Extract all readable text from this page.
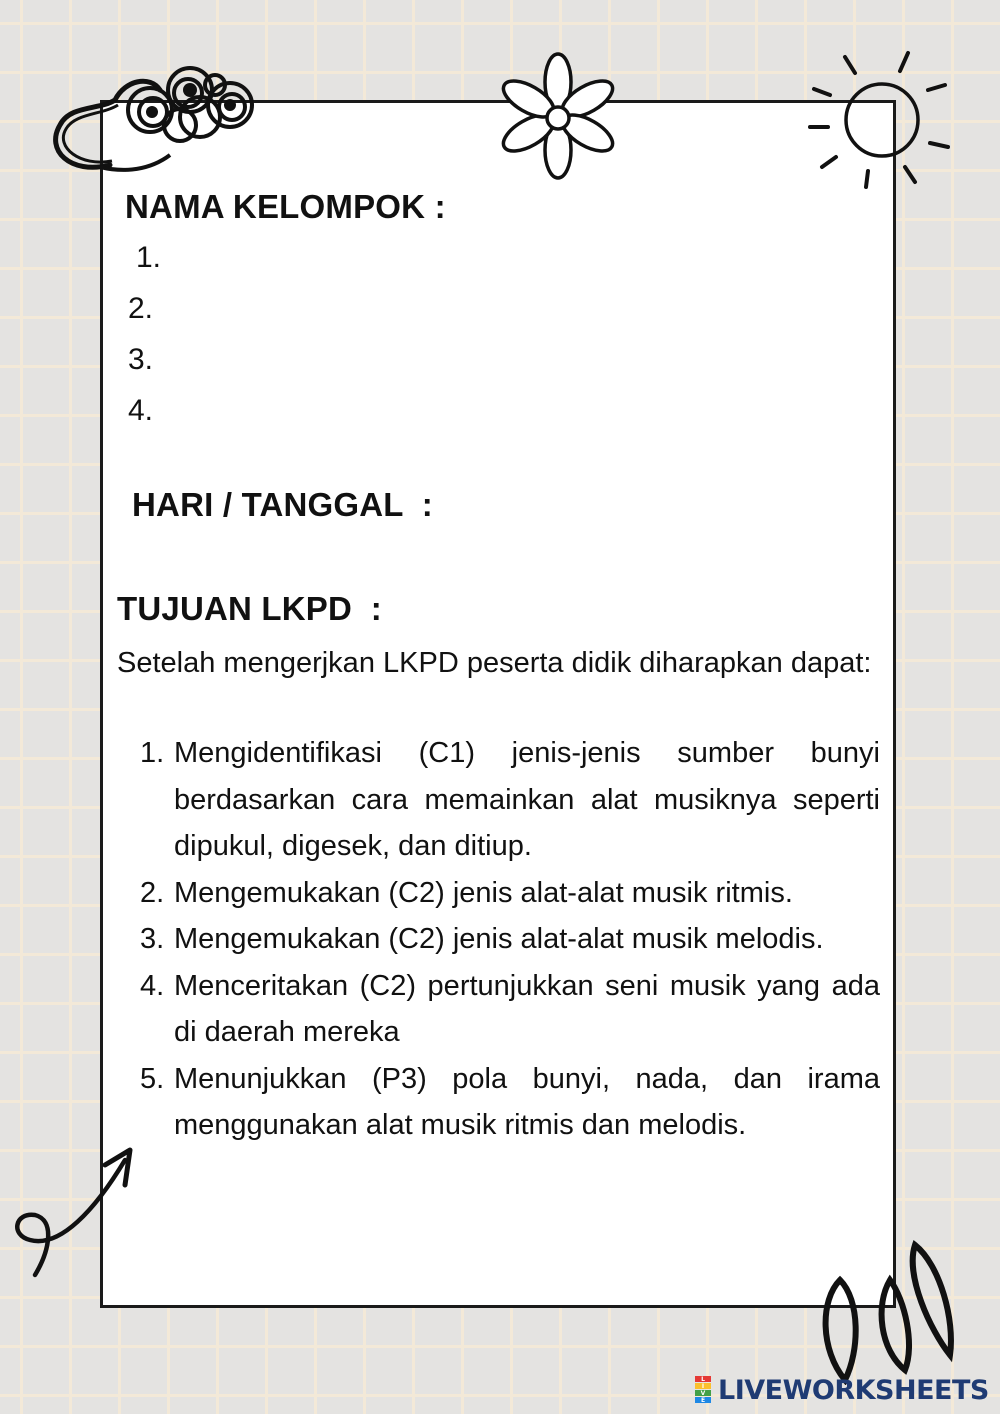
NAMA KELOMPOK :
1.
2.
3.
4.
HARI / TANGGAL  :
TUJUAN LKPD  :

Setelah mengerjkan LKPD peserta didik diharapkan dapat:

1. Mengidentifikasi (C1) jenis-jenis sumber bunyi berdasarkan cara memainkan alat musiknya seperti dipukul, digesek, dan ditiup.
2. Mengemukakan (C2) jenis alat-alat musik ritmis.
3. Mengemukakan (C2) jenis alat-alat musik melodis.
4. Menceritakan (C2) pertunjukkan seni musik yang ada di daerah mereka
5. Menunjukkan (P3) pola bunyi, nada, dan irama menggunakan alat musik ritmis dan melodis.
L
I
V
E LIVEWORKSHEETS
